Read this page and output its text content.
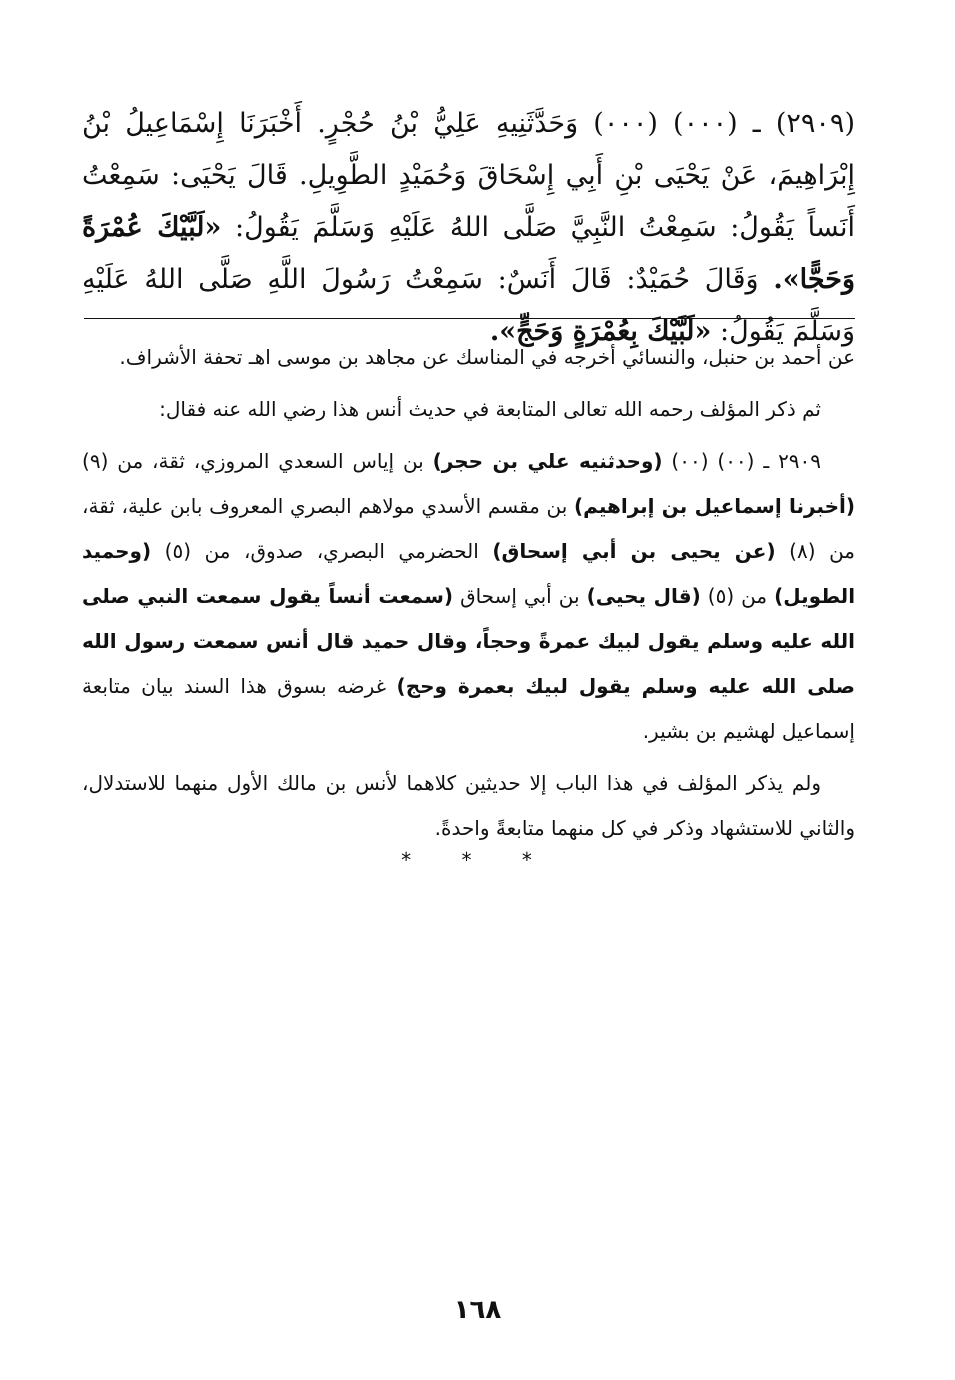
(٢٩٠٩) ـ (٠٠٠) (٠٠٠) وَحَدَّثَنِيهِ عَلِيُّ بْنُ حُجْرٍ. أَخْبَرَنَا إِسْمَاعِيلُ بْنُ إِبْرَاهِيمَ، عَنْ يَحْيَى بْنِ أَبِي إِسْحَاقَ وَحُمَيْدٍ الطَّوِيلِ. قَالَ يَحْيَى: سَمِعْتُ أَنَساً يَقُولُ: سَمِعْتُ النَّبِيَّ صَلَّى اللهُ عَلَيْهِ وَسَلَّمَ يَقُولُ: «لَبَّيْكَ عُمْرَةً وَحَجًّا». وَقَالَ حُمَيْدٌ: قَالَ أَنَسٌ: سَمِعْتُ رَسُولَ اللَّهِ صَلَّى اللهُ عَلَيْهِ وَسَلَّمَ يَقُولُ: «لَبَّيْكَ بِعُمْرَةٍ وَحَجٍّ».

عن أحمد بن حنبل، والنسائي أخرجه في المناسك عن مجاهد بن موسى اهـ تحفة الأشراف.

ثم ذكر المؤلف رحمه الله تعالى المتابعة في حديث أنس هذا رضي الله عنه فقال:

٢٩٠٩ ـ (٠٠) (٠٠) (وحدثنيه علي بن حجر) بن إياس السعدي المروزي، ثقة، من (٩) (أخبرنا إسماعيل بن إبراهيم) بن مقسم الأسدي مولاهم البصري المعروف بابن علية، ثقة، من (٨) (عن يحيى بن أبي إسحاق) الحضرمي البصري، صدوق، من (٥) (وحميد الطويل) من (٥) (قال يحيى) بن أبي إسحاق (سمعت أنساً يقول سمعت النبي صلى الله عليه وسلم يقول لبيك عمرةً وحجاً، وقال حميد قال أنس سمعت رسول الله صلى الله عليه وسلم يقول لبيك بعمرة وحج) غرضه بسوق هذا السند بيان متابعة إسماعيل لهشيم بن بشير.

ولم يذكر المؤلف في هذا الباب إلا حديثين كلاهما لأنس بن مالك الأول منهما للاستدلال، والثاني للاستشهاد وذكر في كل منهما متابعةً واحدةً.

* * *
١٦٨
